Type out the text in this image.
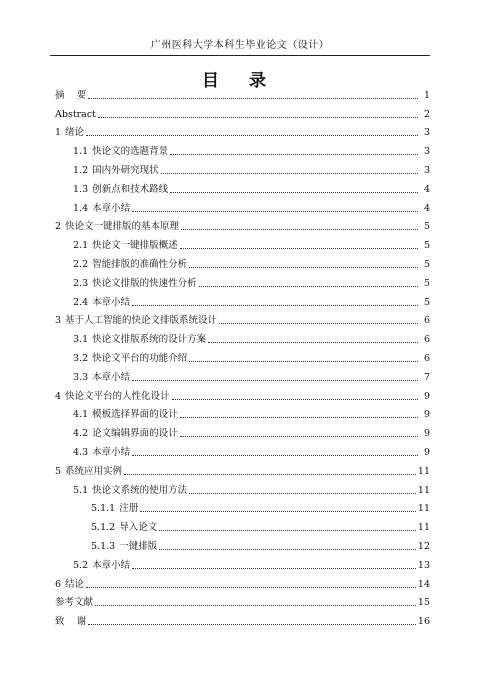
广州医科大学本科生毕业论文（设计）
目 录
摘    要	1
Abstract	2
1 绪论	3
1.1 快论文的选题背景	3
1.2 国内外研究现状	3
1.3 创新点和技术路线	4
1.4 本章小结	4
2 快论文一键排版的基本原理	5
2.1 快论文一键排版概述	5
2.2 智能排版的准确性分析	5
2.3 快论文排版的快速性分析	5
2.4 本章小结	5
3 基于人工智能的快论文排版系统设计	6
3.1 快论文排版系统的设计方案	6
3.2 快论文平台的功能介绍	6
3.3 本章小结	7
4 快论文平台的人性化设计	9
4.1 模板选择界面的设计	9
4.2 论文编辑界面的设计	9
4.3 本章小结	9
5 系统应用实例	11
5.1 快论文系统的使用方法	11
5.1.1 注册	11
5.1.2 导入论文	11
5.1.3 一键排版	12
5.2 本章小结	13
6 结论	14
参考文献	15
致    谢	16
